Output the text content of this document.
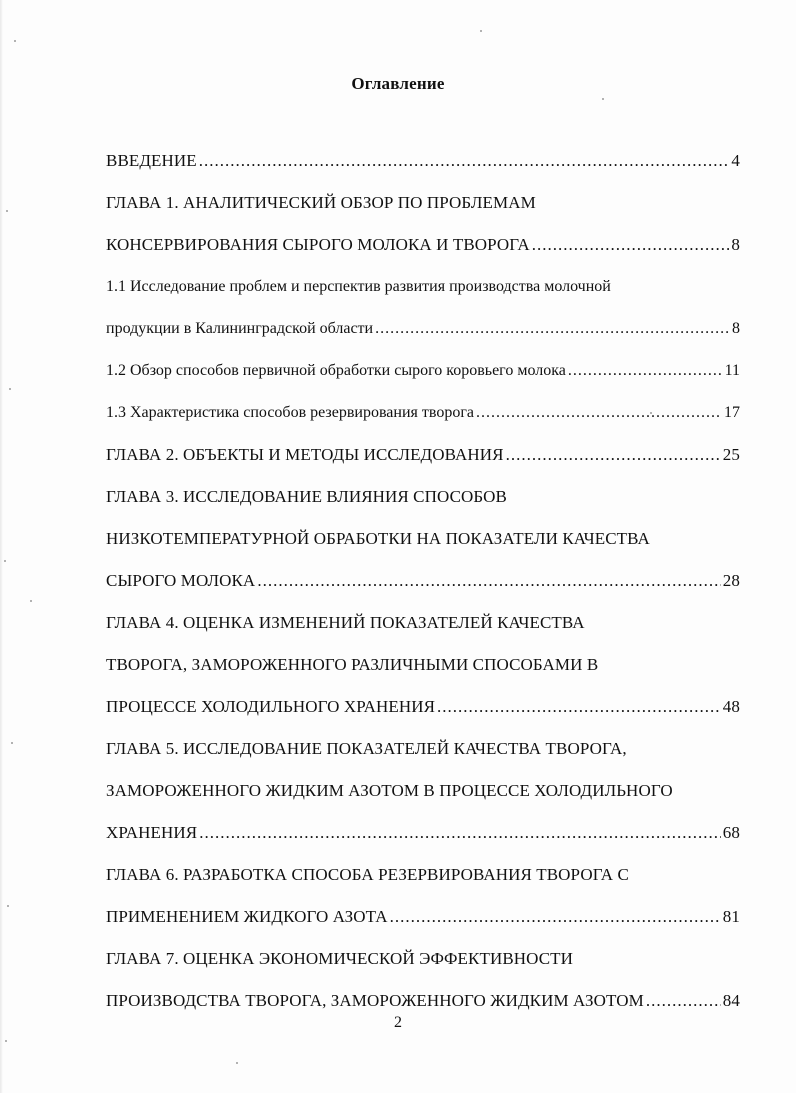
Оглавление
ВВЕДЕНИЕ .....	4
ГЛАВА 1. АНАЛИТИЧЕСКИЙ ОБЗОР ПО ПРОБЛЕМАМ
КОНСЕРВИРОВАНИЯ СЫРОГО МОЛОКА И ТВОРОГА .....	8
1.1 Исследование проблем и перспектив развития производства молочной
продукции в Калининградской области .....	8
1.2 Обзор способов первичной обработки сырого коровьего молока .....	11
1.3 Характеристика способов резервирования творога .....	17
ГЛАВА 2. ОБЪЕКТЫ И МЕТОДЫ ИССЛЕДОВАНИЯ .....	25
ГЛАВА 3. ИССЛЕДОВАНИЕ ВЛИЯНИЯ СПОСОБОВ
НИЗКОТЕМПЕРАТУРНОЙ ОБРАБОТКИ НА ПОКАЗАТЕЛИ КАЧЕСТВА
СЫРОГО МОЛОКА .....	28
ГЛАВА 4. ОЦЕНКА ИЗМЕНЕНИЙ ПОКАЗАТЕЛЕЙ КАЧЕСТВА
ТВОРОГА, ЗАМОРОЖЕННОГО РАЗЛИЧНЫМИ СПОСОБАМИ В
ПРОЦЕССЕ ХОЛОДИЛЬНОГО ХРАНЕНИЯ .....	48
ГЛАВА 5. ИССЛЕДОВАНИЕ ПОКАЗАТЕЛЕЙ КАЧЕСТВА ТВОРОГА,
ЗАМОРОЖЕННОГО ЖИДКИМ АЗОТОМ В ПРОЦЕССЕ ХОЛОДИЛЬНОГО
ХРАНЕНИЯ .....	68
ГЛАВА 6. РАЗРАБОТКА СПОСОБА РЕЗЕРВИРОВАНИЯ ТВОРОГА С
ПРИМЕНЕНИЕМ ЖИДКОГО АЗОТА .....	81
ГЛАВА 7. ОЦЕНКА ЭКОНОМИЧЕСКОЙ ЭФФЕКТИВНОСТИ
ПРОИЗВОДСТВА ТВОРОГА, ЗАМОРОЖЕННОГО ЖИДКИМ АЗОТОМ .....	84
2
